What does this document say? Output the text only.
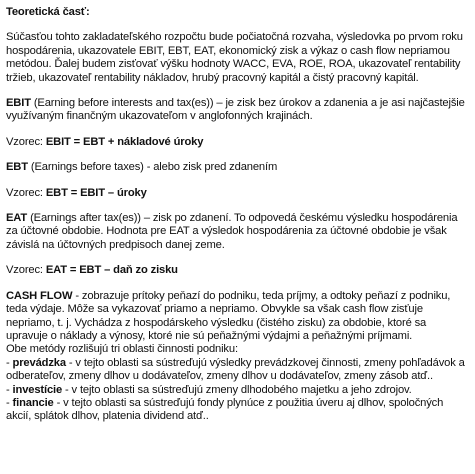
Teoretická časť:
Súčasťou tohto zakladateľského rozpočtu bude počiatočná rozvaha, výsledovka po prvom roku hospodárenia, ukazovatele EBIT, EBT, EAT, ekonomický zisk a výkaz o cash flow nepriamou metódou. Ďalej budem zisťovať výšku hodnoty WACC, EVA, ROE, ROA, ukazovateľ rentability tržieb, ukazovateľ rentability nákladov, hrubý pracovný kapitál a čistý pracovný kapitál.
EBIT (Earning before interests and tax(es)) – je zisk bez úrokov a zdanenia a je asi najčastejšie využívaným finančným ukazovateľom v anglofonných krajinách.
Vzorec: EBIT = EBT + nákladové úroky
EBT (Earnings before taxes) - alebo zisk pred zdanením
Vzorec: EBT = EBIT – úroky
EAT (Earnings after tax(es)) – zisk po zdanení. To odpovedá českému výsledku hospodárenia za účtovné obdobie. Hodnota pre EAT a výsledok hospodárenia za účtovné obdobie je však závislá na účtovných predpisoch danej zeme.
Vzorec: EAT = EBT – daň zo zisku
CASH FLOW - zobrazuje prítoky peňazí do podniku, teda príjmy, a odtoky peňazí z podniku, teda výdaje. Môže sa vykazovať priamo a nepriamo. Obvykle sa však cash flow zisťuje nepriamo, t. j. Vychádza z hospodárskeho výsledku (čistého zisku) za obdobie, ktoré sa upravuje o náklady a výnosy, ktoré nie sú peňažnými výdajmi a peňažnými príjmami.
Obe metódy rozlišujú tri oblasti činnosti podniku:
- prevádzka - v tejto oblasti sa sústreďujú výsledky prevádzkovej činnosti, zmeny pohľadávok a odberateľov, zmeny dlhov u dodávateľov, zmeny dlhov u dodávateľov, zmeny zásob atď..
- investície - v tejto oblasti sa sústreďujú zmeny dlhodobého majetku a jeho zdrojov.
- financie - v tejto oblasti sa sústreďujú fondy plynúce z použitia úveru aj dlhov, spoločných akcií, splátok dlhov, platenia dividend atď..
